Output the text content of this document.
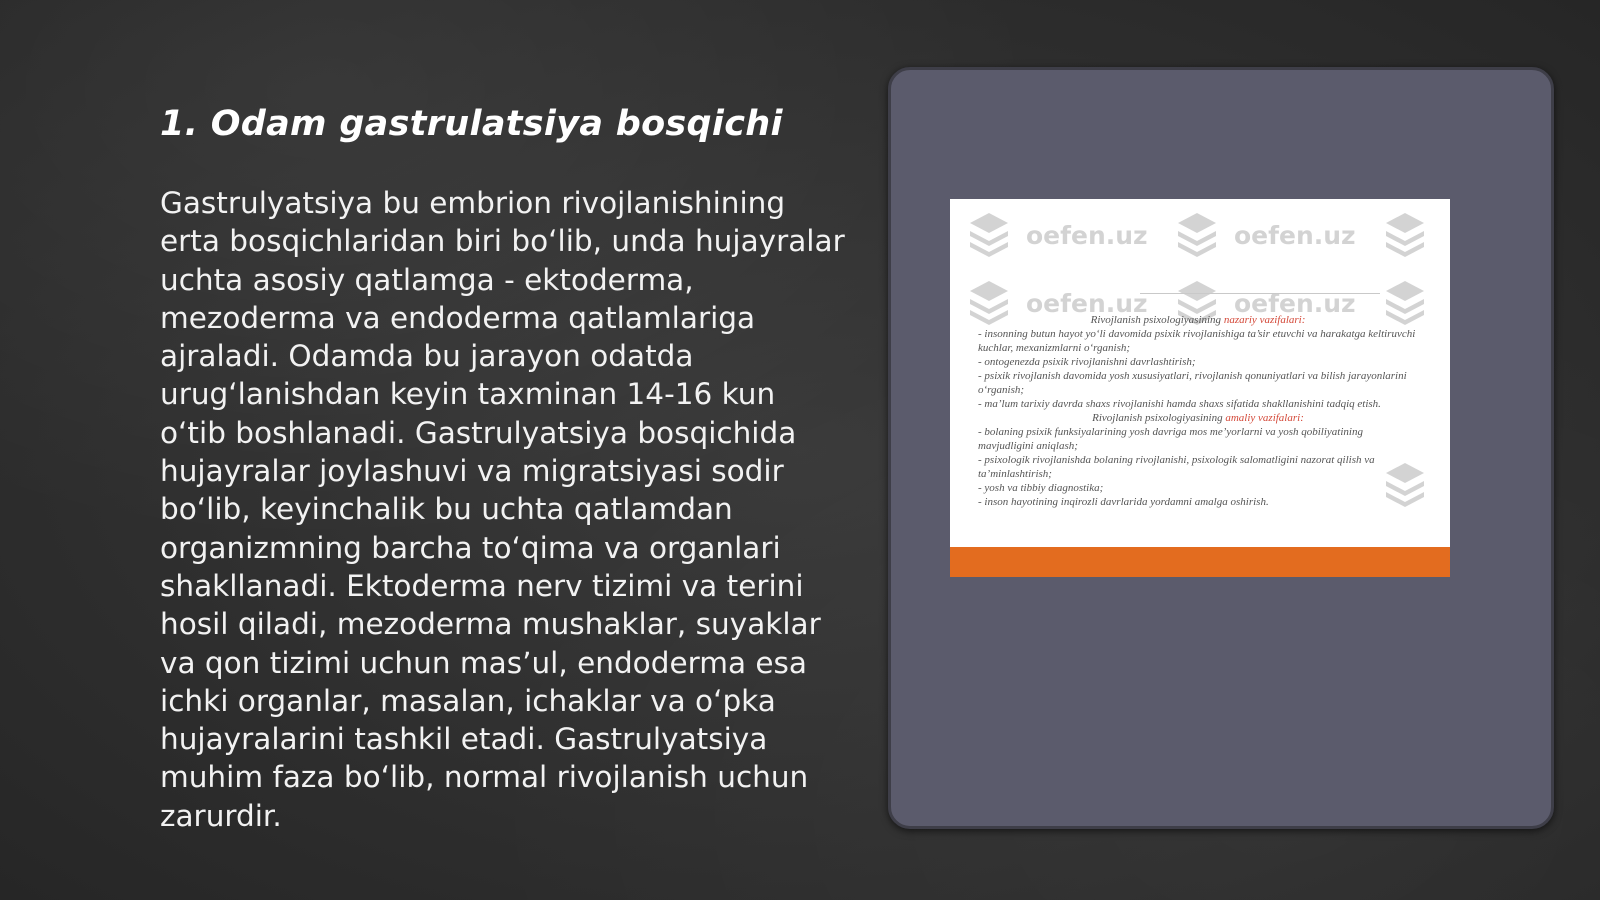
1. Odam gastrulatsiya bosqichi

Gastrulyatsiya bu embrion rivojlanishining erta bosqichlaridan biri bo‘lib, unda hujayralar uchta asosiy qatlamga - ektoderma, mezoderma va endoderma qatlamlariga ajraladi. Odamda bu jarayon odatda urug‘lanishdan keyin taxminan 14-16 kun o‘tib boshlanadi. Gastrulyatsiya bosqichida hujayralar joylashuvi va migratsiyasi sodir bo‘lib, keyinchalik bu uchta qatlamdan organizmning barcha to‘qima va organlari shakllanadi. Ektoderma nerv tizimi va terini hosil qiladi, mezoderma mushaklar, suyaklar va qon tizimi uchun mas’ul, endoderma esa ichki organlar, masalan, ichaklar va o‘pka hujayralarini tashkil etadi. Gastrulyatsiya muhim faza bo‘lib, normal rivojlanish uchun zarurdir.

oefen.uz	oefen.uz
oefen.uz	oefen.uz

Rivojlanish psixologiyasining nazariy vazifalari:

- insonning butun hayot yo‘li davomida psixik rivojlanishiga ta’sir etuvchi va harakatga keltiruvchi kuchlar, mexanizmlarni o‘rganish;

- ontogenezda psixik rivojlanishni davrlashtirish;

- psixik rivojlanish davomida yosh xususiyatlari, rivojlanish qonuniyatlari va bilish jarayonlarini o‘rganish;

- ma’lum tarixiy davrda shaxs rivojlanishi hamda shaxs sifatida shakllanishini tadqiq etish.

Rivojlanish psixologiyasining amaliy vazifalari:

- bolaning psixik funksiyalarining yosh davriga mos me’yorlarni va yosh qobiliyatining mavjudligini aniqlash;

- psixologik rivojlanishda bolaning rivojlanishi, psixologik salomatligini nazorat qilish va ta’minlashtirish;

- yosh va tibbiy diagnostika;

- inson hayotining inqirozli davrlarida yordamni amalga oshirish.
